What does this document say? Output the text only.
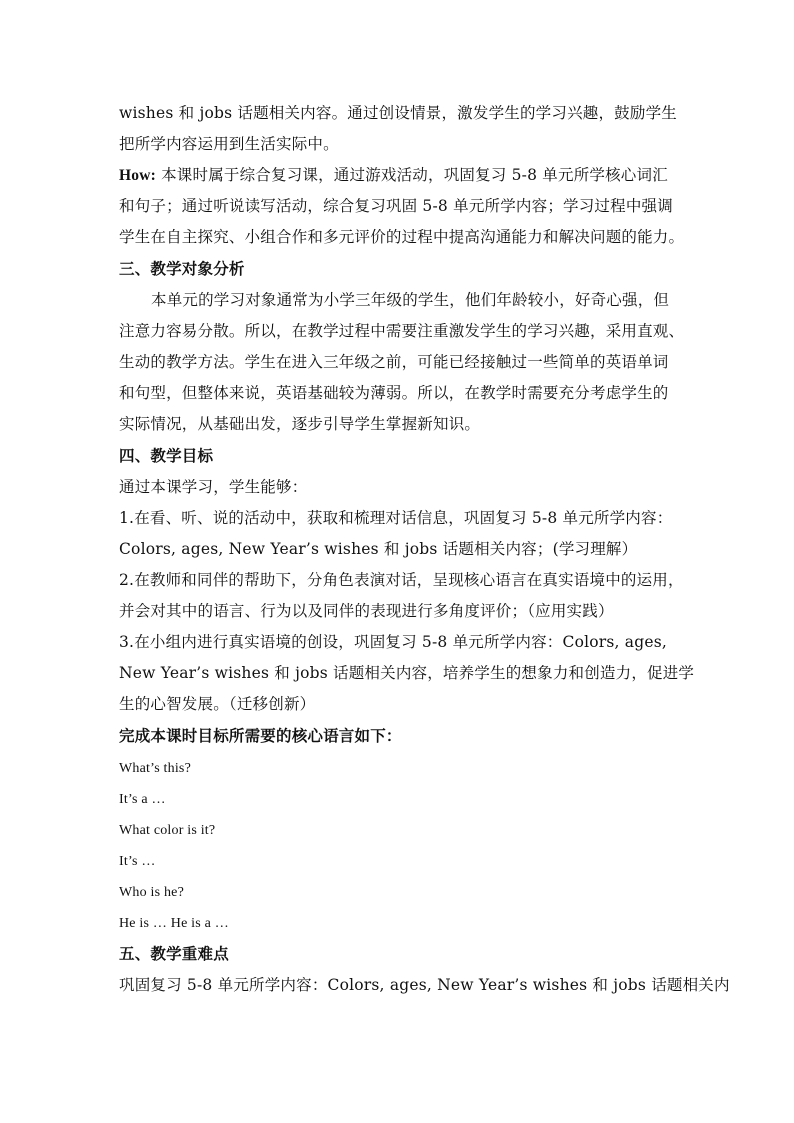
wishes 和 jobs 话题相关内容。通过创设情景，激发学生的学习兴趣，鼓励学生
把所学内容运用到生活实际中。
How: 本课时属于综合复习课，通过游戏活动，巩固复习 5-8 单元所学核心词汇
和句子；通过听说读写活动，综合复习巩固 5-8 单元所学内容；学习过程中强调
学生在自主探究、小组合作和多元评价的过程中提高沟通能力和解决问题的能力。
三、教学对象分析
本单元的学习对象通常为小学三年级的学生，他们年龄较小，好奇心强，但
注意力容易分散。所以，在教学过程中需要注重激发学生的学习兴趣，采用直观、
生动的教学方法。学生在进入三年级之前，可能已经接触过一些简单的英语单词
和句型，但整体来说，英语基础较为薄弱。所以，在教学时需要充分考虑学生的
实际情况，从基础出发，逐步引导学生掌握新知识。
四、教学目标
通过本课学习，学生能够：
1.在看、听、说的活动中，获取和梳理对话信息，巩固复习 5-8 单元所学内容：
Colors, ages, New Year’s wishes 和 jobs 话题相关内容；(学习理解）
2.在教师和同伴的帮助下，分角色表演对话，呈现核心语言在真实语境中的运用，
并会对其中的语言、行为以及同伴的表现进行多角度评价；（应用实践）
3.在小组内进行真实语境的创设，巩固复习 5-8 单元所学内容：Colors, ages,
New Year’s wishes 和 jobs 话题相关内容，培养学生的想象力和创造力，促进学
生的心智发展。（迁移创新）
完成本课时目标所需要的核心语言如下：
What’s this?
It’s a …
What color is it?
It’s …
Who is he?
He is … He is a …
五、教学重难点
巩固复习 5-8 单元所学内容：Colors, ages, New Year’s wishes 和 jobs 话题相关内
